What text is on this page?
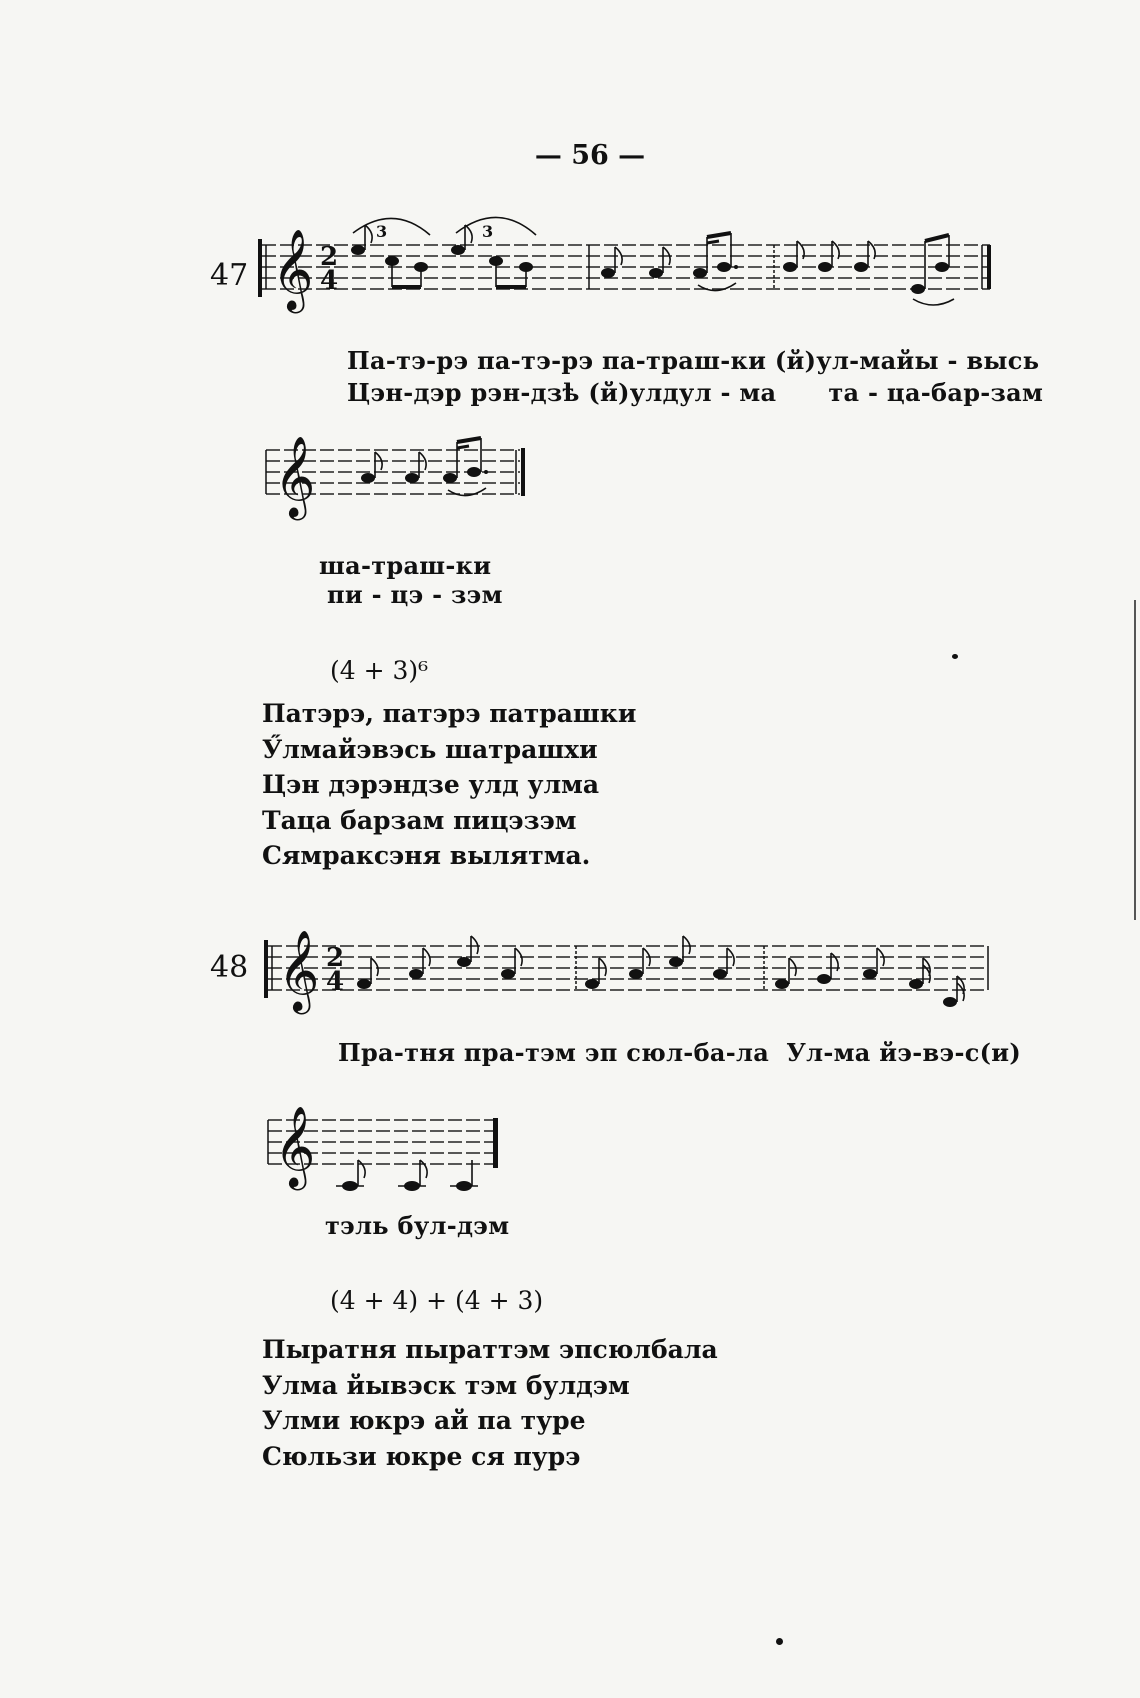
— 56 —
47 𝄞 2
4
3	3
Па-тэ-рэ па-тэ-рэ па-траш-ки (й)ул-майы - высь
Цэн-дэр рэн-дзѣ (й)улдул - ма      та - ца-бар-зам
𝄞
ша-траш-ки
пи - цэ - зэм
(4 + 3)⁶
Патэрэ, патэрэ патрашки
Ӳлмайэвэсь шатрашхи
Цэн дэрэндзе улд улма
Таца барзам пицэзэм
Сямраксэня вылятма.
48 𝄞 2
4
Пра-тня пра-тэм эп сюл-ба-ла  Ул-ма йэ-вэ-с(и)
𝄞
тэль бул-дэм
(4 + 4) + (4 + 3)
Пыратня пыраттэм эпсюлбала
Улма йывэск тэм булдэм
Улми юкрэ ай па туре
Сюльзи юкре ся пурэ
